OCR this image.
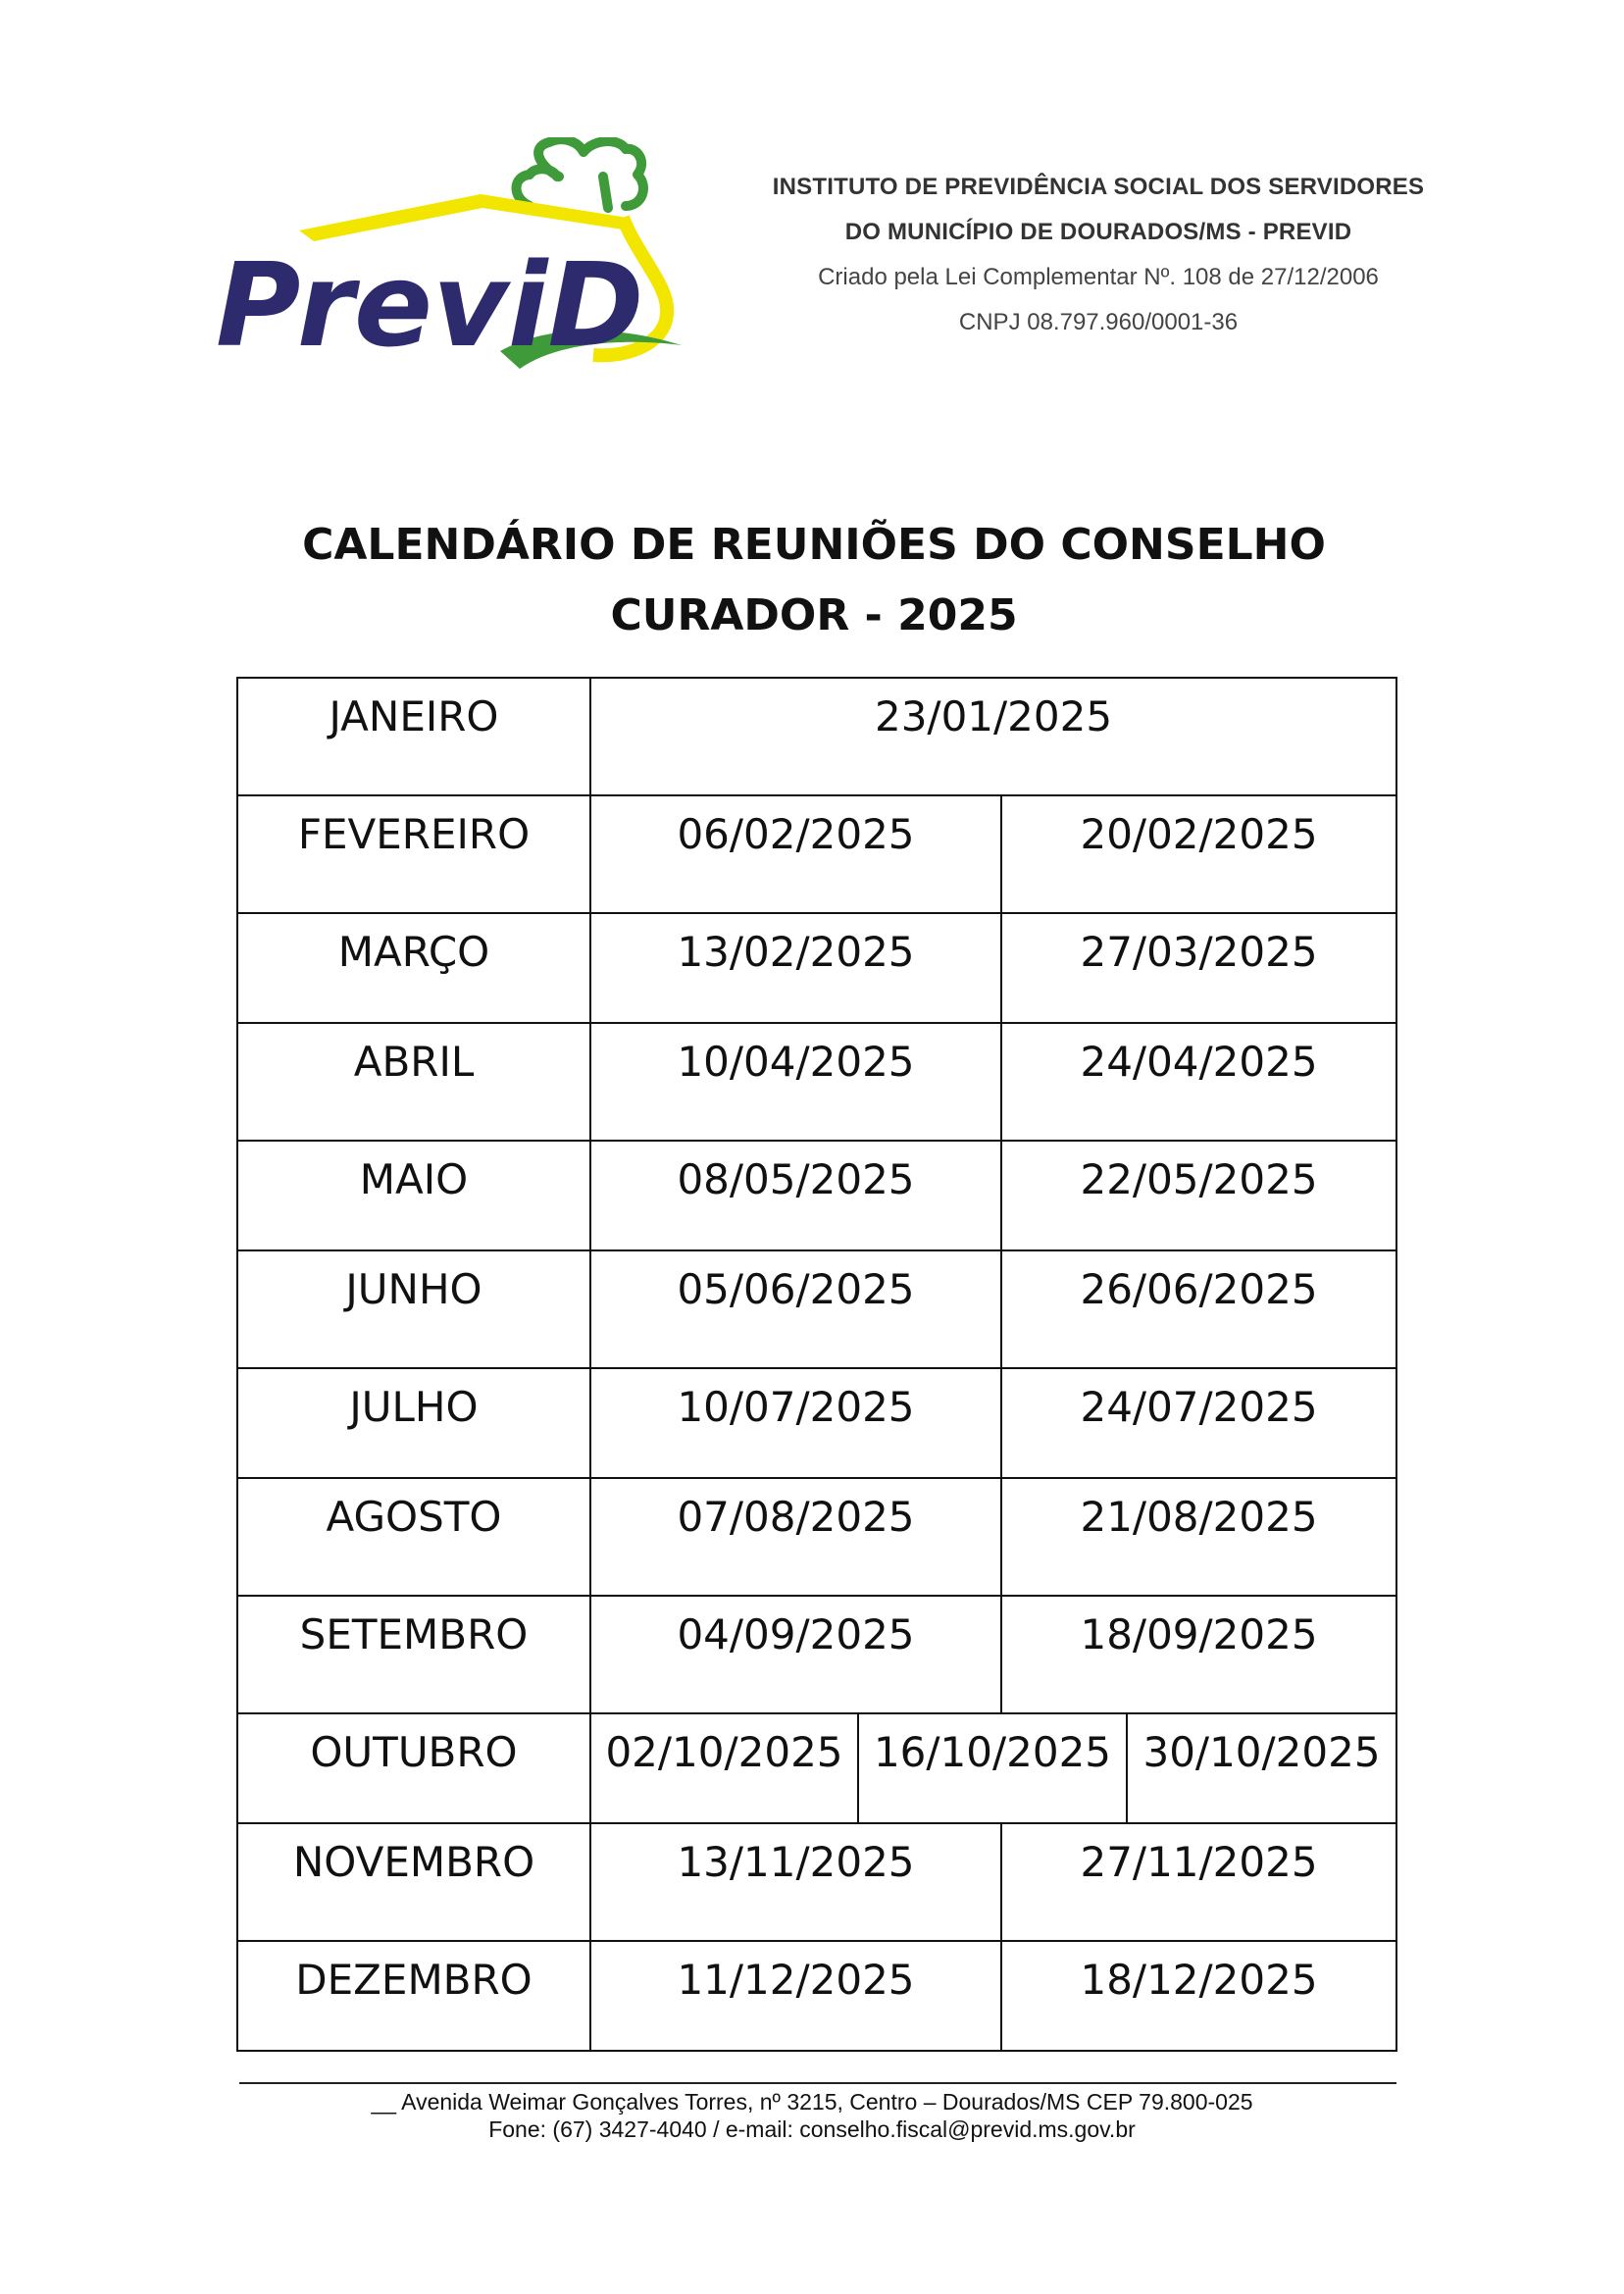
PreviD
INSTITUTO DE PREVIDÊNCIA SOCIAL DOS SERVIDORES
DO MUNICÍPIO DE DOURADOS/MS - PREVID
Criado pela Lei Complementar Nº. 108 de 27/12/2006
CNPJ 08.797.960/0001-36
CALENDÁRIO DE REUNIÕES DO CONSELHO
CURADOR - 2025
JANEIRO	23/01/2025			

FEVEREIRO	06/02/2025		20/02/2025	

MARÇO	13/02/2025		27/03/2025	

ABRIL	10/04/2025		24/04/2025	

MAIO	08/05/2025		22/05/2025	

JUNHO	05/06/2025		26/06/2025	

JULHO	10/07/2025		24/07/2025	

AGOSTO	07/08/2025		21/08/2025	

SETEMBRO	04/09/2025		18/09/2025	

OUTUBRO	02/10/2025	16/10/2025		30/10/2025

NOVEMBRO	13/11/2025		27/11/2025	

DEZEMBRO	11/12/2025		18/12/2025	
__ Avenida Weimar Gonçalves Torres, nº 3215, Centro – Dourados/MS CEP 79.800-025
Fone: (67) 3427-4040 / e-mail: conselho.fiscal@previd.ms.gov.br
